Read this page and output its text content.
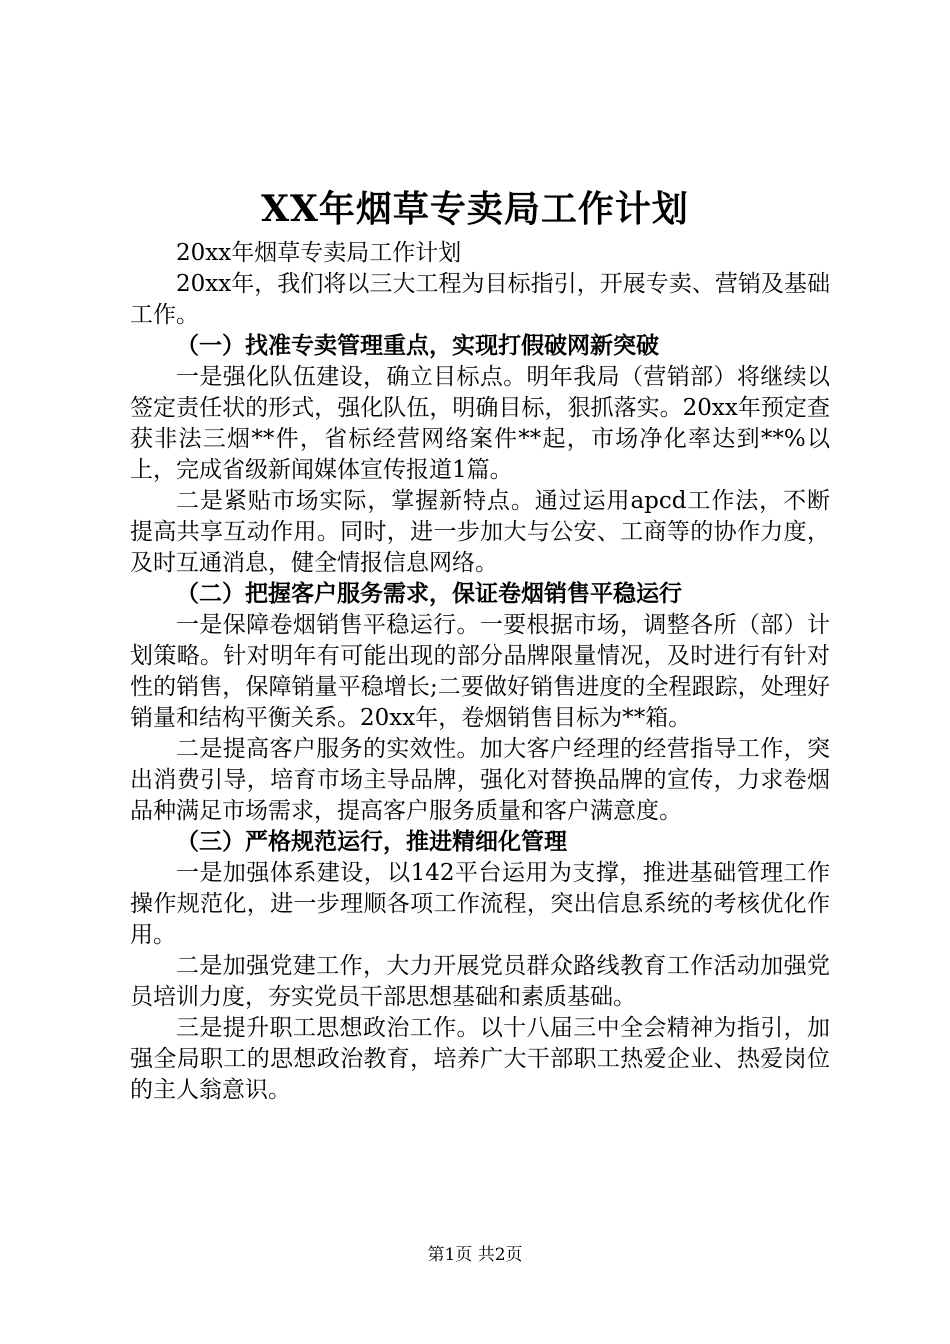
XX年烟草专卖局工作计划

20xx年烟草专卖局工作计划

20xx年，我们将以三大工程为目标指引，开展专卖、营销及基础工作。

（一）找准专卖管理重点，实现打假破网新突破

一是强化队伍建设，确立目标点。明年我局（营销部）将继续以签定责任状的形式，强化队伍，明确目标，狠抓落实。20xx年预定查获非法三烟**件，省标经营网络案件**起，市场净化率达到**%以上，完成省级新闻媒体宣传报道1篇。

二是紧贴市场实际，掌握新特点。通过运用apcd工作法，不断提高共享互动作用。同时，进一步加大与公安、工商等的协作力度，及时互通消息，健全情报信息网络。

（二）把握客户服务需求，保证卷烟销售平稳运行

一是保障卷烟销售平稳运行。一要根据市场，调整各所（部）计划策略。针对明年有可能出现的部分品牌限量情况，及时进行有针对性的销售，保障销量平稳增长;二要做好销售进度的全程跟踪，处理好销量和结构平衡关系。20xx年，卷烟销售目标为**箱。

二是提高客户服务的实效性。加大客户经理的经营指导工作，突出消费引导，培育市场主导品牌，强化对替换品牌的宣传，力求卷烟品种满足市场需求，提高客户服务质量和客户满意度。

（三）严格规范运行，推进精细化管理

一是加强体系建设，以142平台运用为支撑，推进基础管理工作操作规范化，进一步理顺各项工作流程，突出信息系统的考核优化作用。

二是加强党建工作，大力开展党员群众路线教育工作活动加强党员培训力度，夯实党员干部思想基础和素质基础。

三是提升职工思想政治工作。以十八届三中全会精神为指引，加强全局职工的思想政治教育，培养广大干部职工热爱企业、热爱岗位的主人翁意识。

第1页 共2页
